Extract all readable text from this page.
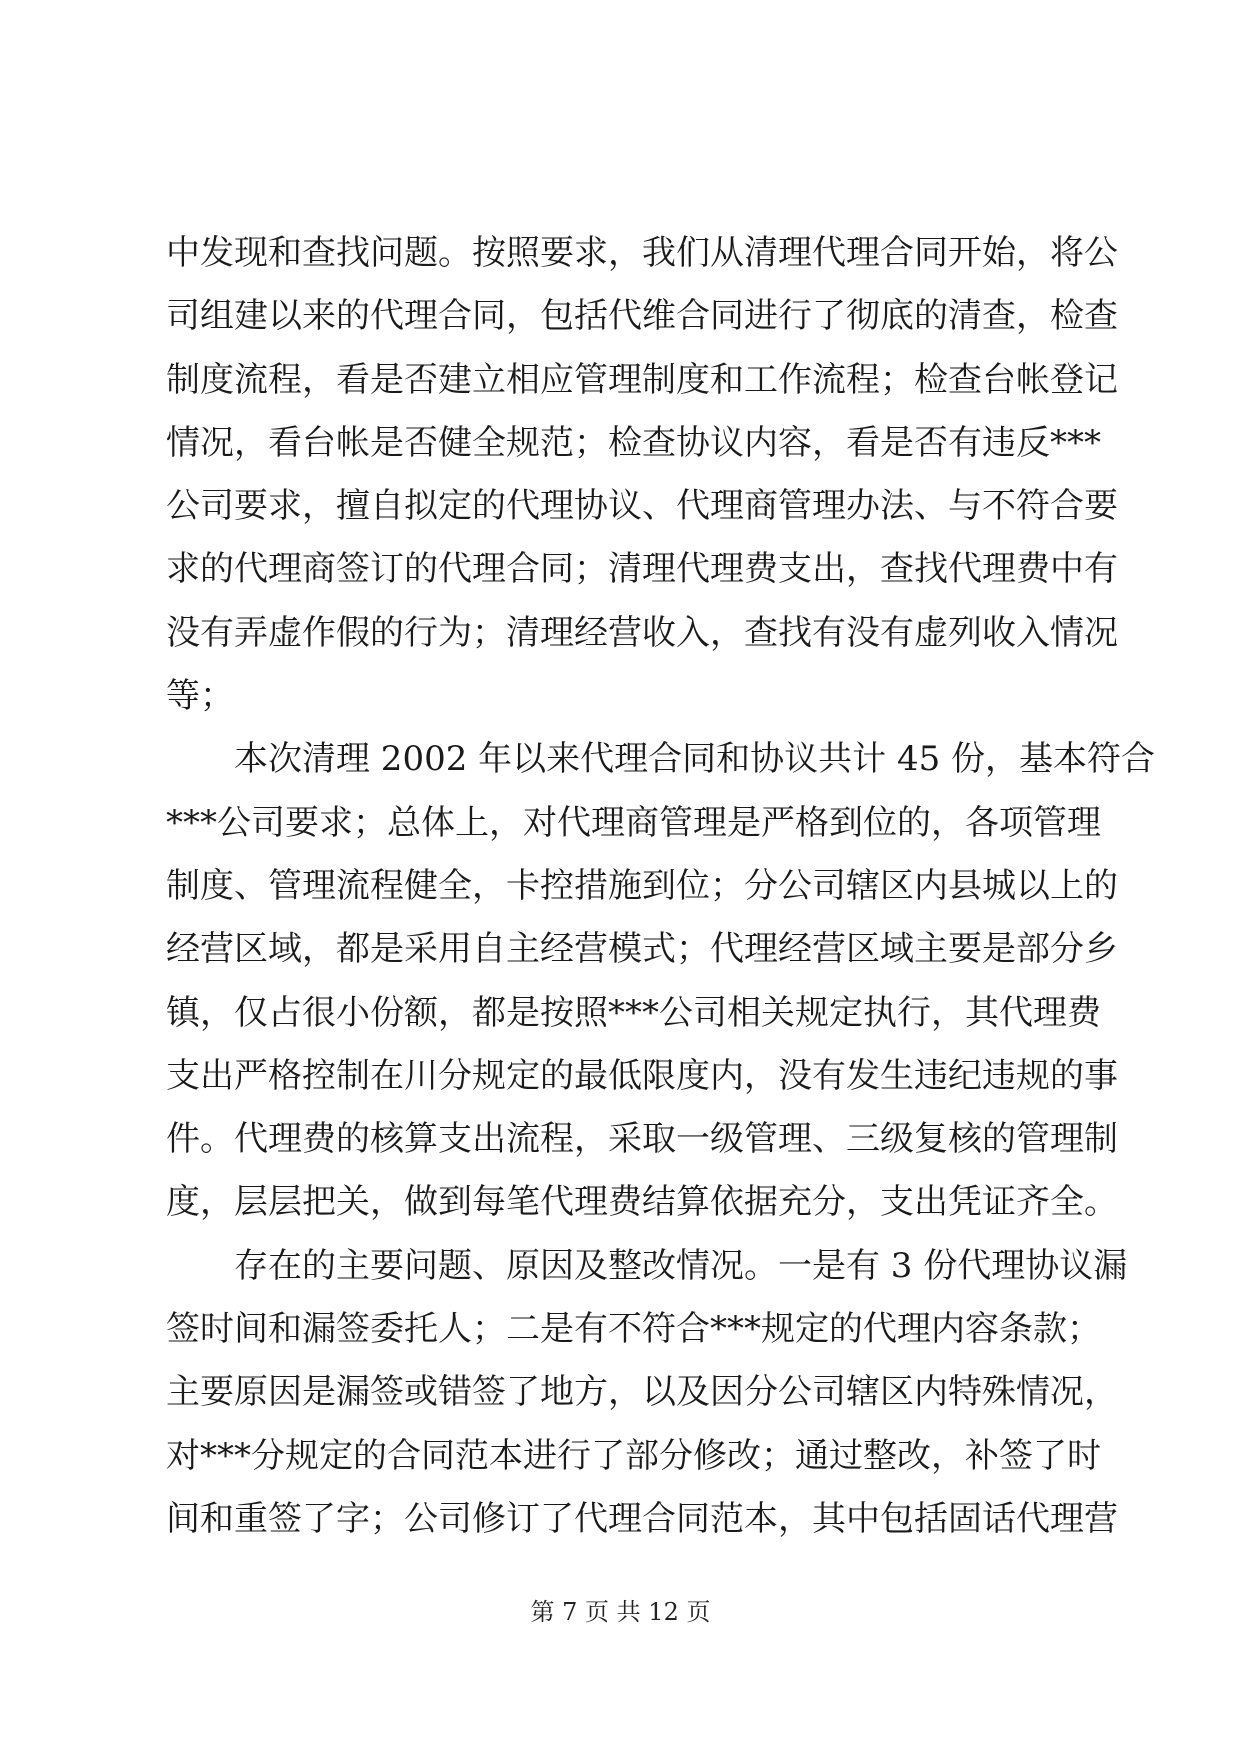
中发现和查找问题。按照要求，我们从清理代理合同开始，将公
司组建以来的代理合同，包括代维合同进行了彻底的清查，检查
制度流程，看是否建立相应管理制度和工作流程；检查台帐登记
情况，看台帐是否健全规范；检查协议内容，看是否有违反***
公司要求，擅自拟定的代理协议、代理商管理办法、与不符合要
求的代理商签订的代理合同；清理代理费支出，查找代理费中有
没有弄虚作假的行为；清理经营收入，查找有没有虚列收入情况
等；
　　本次清理 2002 年以来代理合同和协议共计 45 份，基本符合
***公司要求；总体上，对代理商管理是严格到位的，各项管理
制度、管理流程健全，卡控措施到位；分公司辖区内县城以上的
经营区域，都是采用自主经营模式；代理经营区域主要是部分乡
镇，仅占很小份额，都是按照***公司相关规定执行，其代理费
支出严格控制在川分规定的最低限度内，没有发生违纪违规的事
件。代理费的核算支出流程，采取一级管理、三级复核的管理制
度，层层把关，做到每笔代理费结算依据充分，支出凭证齐全。
　　存在的主要问题、原因及整改情况。一是有 3 份代理协议漏
签时间和漏签委托人；二是有不符合***规定的代理内容条款；
主要原因是漏签或错签了地方，以及因分公司辖区内特殊情况，
对***分规定的合同范本进行了部分修改；通过整改，补签了时
间和重签了字；公司修订了代理合同范本，其中包括固话代理营
第 7 页 共 12 页
